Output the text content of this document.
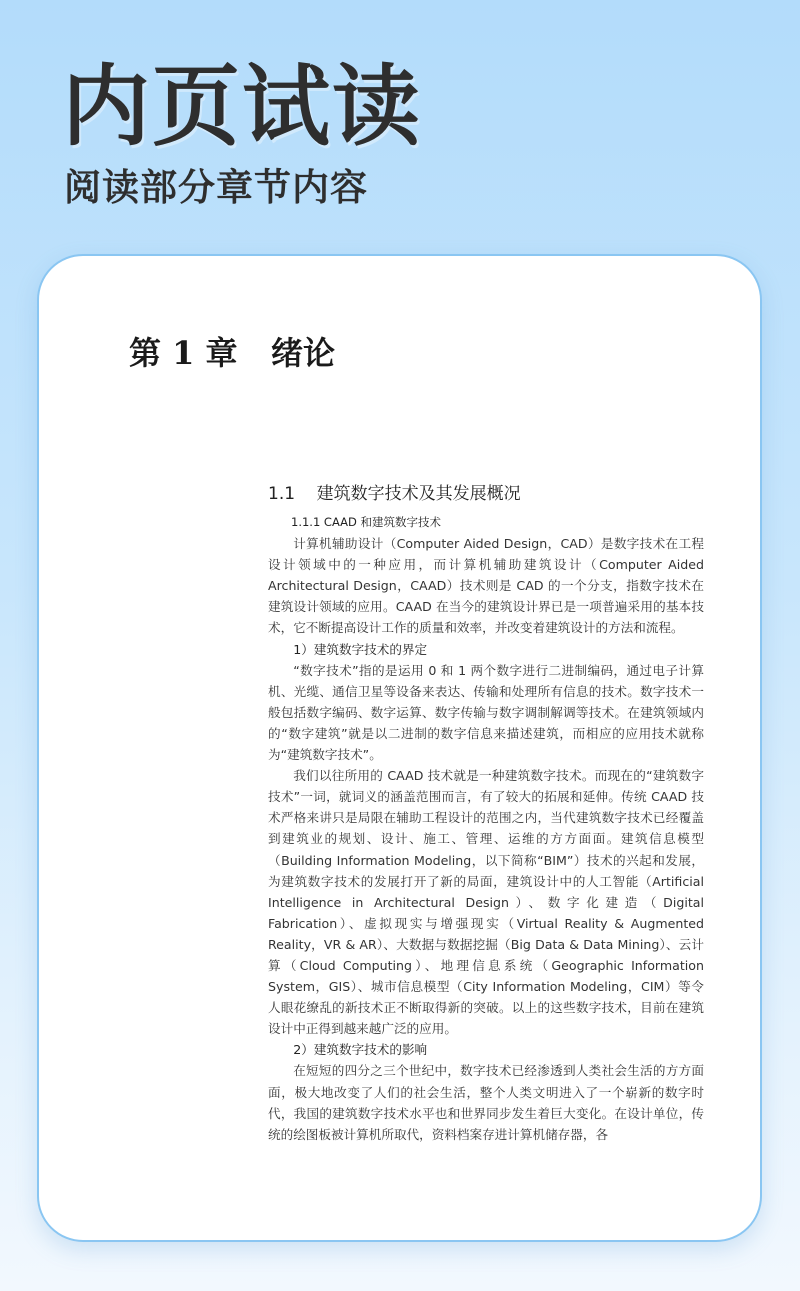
内页试读
阅读部分章节内容
第 1 章   绪论
1.1    建筑数字技术及其发展概况

1.1.1 CAAD 和建筑数字技术

计算机辅助设计（Computer Aided Design，CAD）是数字技术在工程设计领域中的一种应用，而计算机辅助建筑设计（Computer Aided Architectural Design，CAAD）技术则是 CAD 的一个分支，指数字技术在建筑设计领域的应用。CAAD 在当今的建筑设计界已是一项普遍采用的基本技术，它不断提高设计工作的质量和效率，并改变着建筑设计的方法和流程。

1）建筑数字技术的界定

“数字技术”指的是运用 0 和 1 两个数字进行二进制编码，通过电子计算机、光缆、通信卫星等设备来表达、传输和处理所有信息的技术。数字技术一般包括数字编码、数字运算、数字传输与数字调制解调等技术。在建筑领域内的“数字建筑”就是以二进制的数字信息来描述建筑，而相应的应用技术就称为“建筑数字技术”。

我们以往所用的 CAAD 技术就是一种建筑数字技术。而现在的“建筑数字技术”一词，就词义的涵盖范围而言，有了较大的拓展和延伸。传统 CAAD 技术严格来讲只是局限在辅助工程设计的范围之内，当代建筑数字技术已经覆盖到建筑业的规划、设计、施工、管理、运维的方方面面。建筑信息模型（Building Information Modeling，以下简称“BIM”）技术的兴起和发展，为建筑数字技术的发展打开了新的局面，建筑设计中的人工智能（Artificial Intelligence in Architectural Design）、数字化建造（Digital Fabrication）、虚拟现实与增强现实（Virtual Reality & Augmented Reality，VR & AR）、大数据与数据挖掘（Big Data & Data Mining）、云计算（Cloud Computing）、地理信息系统（Geographic Information System，GIS）、城市信息模型（City Information Modeling，CIM）等令人眼花缭乱的新技术正不断取得新的突破。以上的这些数字技术，目前在建筑设计中正得到越来越广泛的应用。

2）建筑数字技术的影响

在短短的四分之三个世纪中，数字技术已经渗透到人类社会生活的方方面面，极大地改变了人们的社会生活，整个人类文明进入了一个崭新的数字时代，我国的建筑数字技术水平也和世界同步发生着巨大变化。在设计单位，传统的绘图板被计算机所取代，资料档案存进计算机储存器，各
